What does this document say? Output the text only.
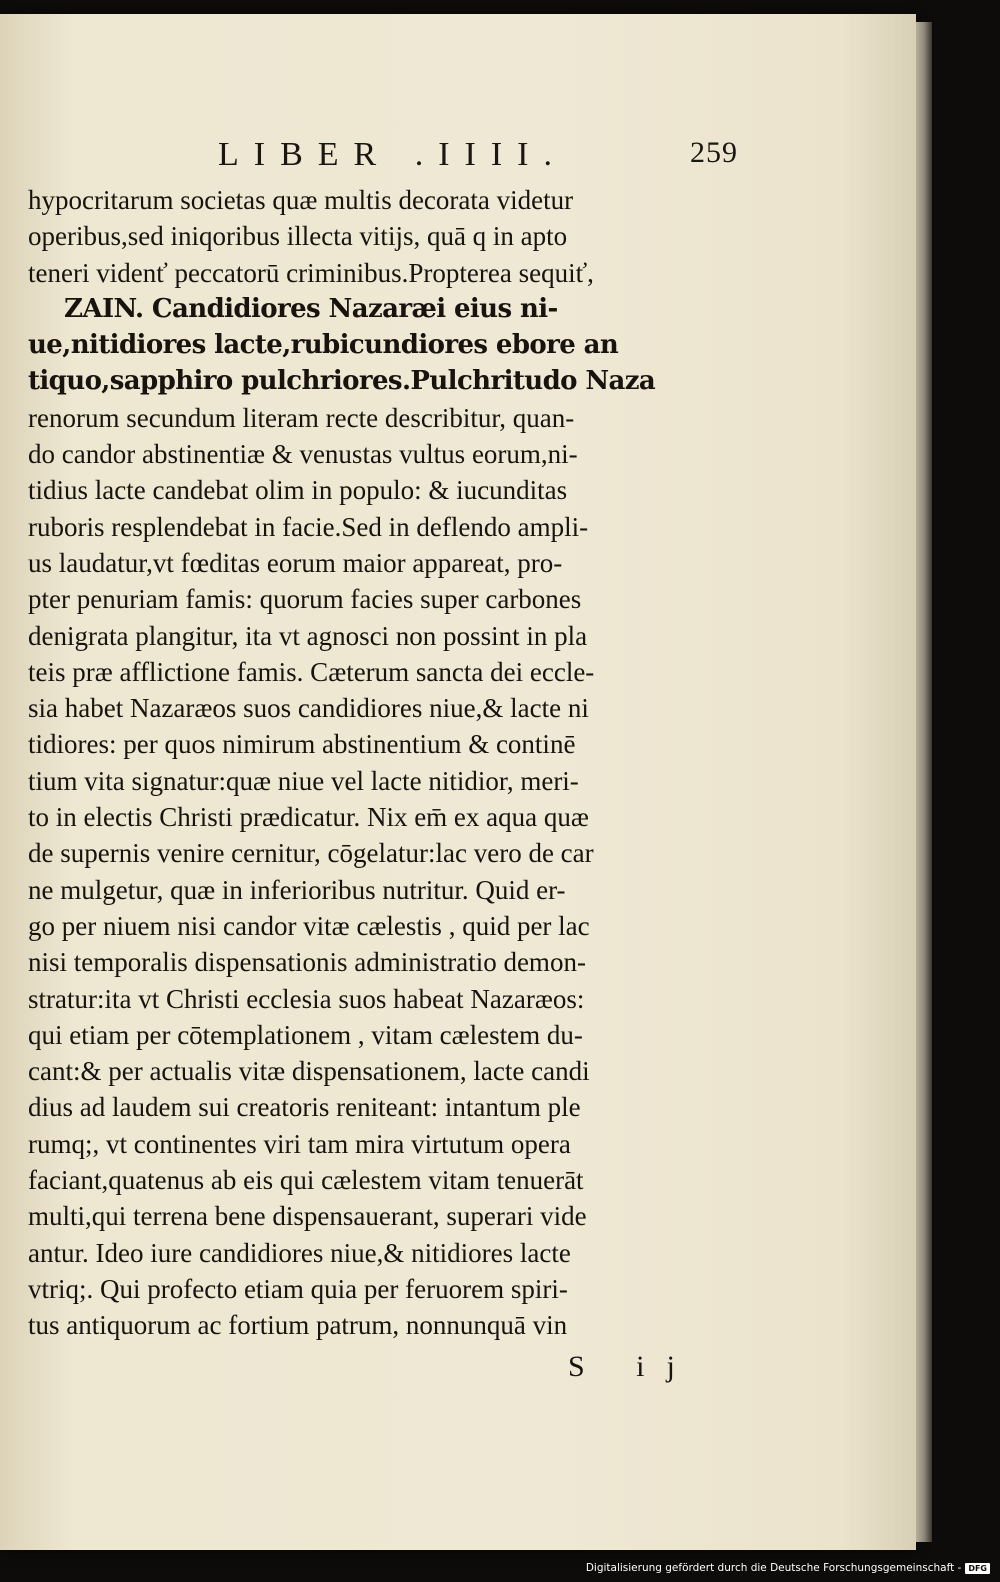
LIBER .IIII.	259
hypocritarum societas quæ multis decorata videtur
operibus,sed iniqoribus illecta vitijs, quā q in apto
teneri videnť peccatorū criminibus.Propterea sequiť,
ZAIN. Candidiores Nazaræi eius ni-
ue,nitidiores lacte,rubicundiores ebore an
tiquo,sapphiro pulchriores.Pulchritudo Naza
renorum secundum literam recte describitur, quan-
do candor abstinentiæ & venustas vultus eorum,ni-
tidius lacte candebat olim in populo: & iucunditas
ruboris resplendebat in facie.Sed in deflendo ampli-
us laudatur,vt fœditas eorum maior appareat, pro-
pter penuriam famis: quorum facies super carbones
denigrata plangitur, ita vt agnosci non possint in pla
teis præ afflictione famis. Cæterum sancta dei eccle-
sia habet Nazaræos suos candidiores niue,& lacte ni
tidiores: per quos nimirum abstinentium & continē
tium vita signatur:quæ niue vel lacte nitidior, meri-
to in electis Christi prædicatur. Nix em̄ ex aqua quæ
de supernis venire cernitur, cōgelatur:lac vero de car
ne mulgetur, quæ in inferioribus nutritur. Quid er-
go per niuem nisi candor vitæ cælestis , quid per lac
nisi temporalis dispensationis administratio demon-
stratur:ita vt Christi ecclesia suos habeat Nazaræos:
qui etiam per cōtemplationem , vitam cælestem du-
cant:& per actualis vitæ dispensationem, lacte candi
dius ad laudem sui creatoris reniteant: intantum ple
rumq;, vt continentes viri tam mira virtutum opera
faciant,quatenus ab eis qui cælestem vitam tenuerāt
multi,qui terrena bene dispensauerant, superari vide
antur. Ideo iure candidiores niue,& nitidiores lacte
vtriq;. Qui profecto etiam quia per feruorem spiri-
tus antiquorum ac fortium patrum, nonnunquā vin
S ij
Digitalisierung gefördert durch die Deutsche Forschungsgemeinschaft - DFG
